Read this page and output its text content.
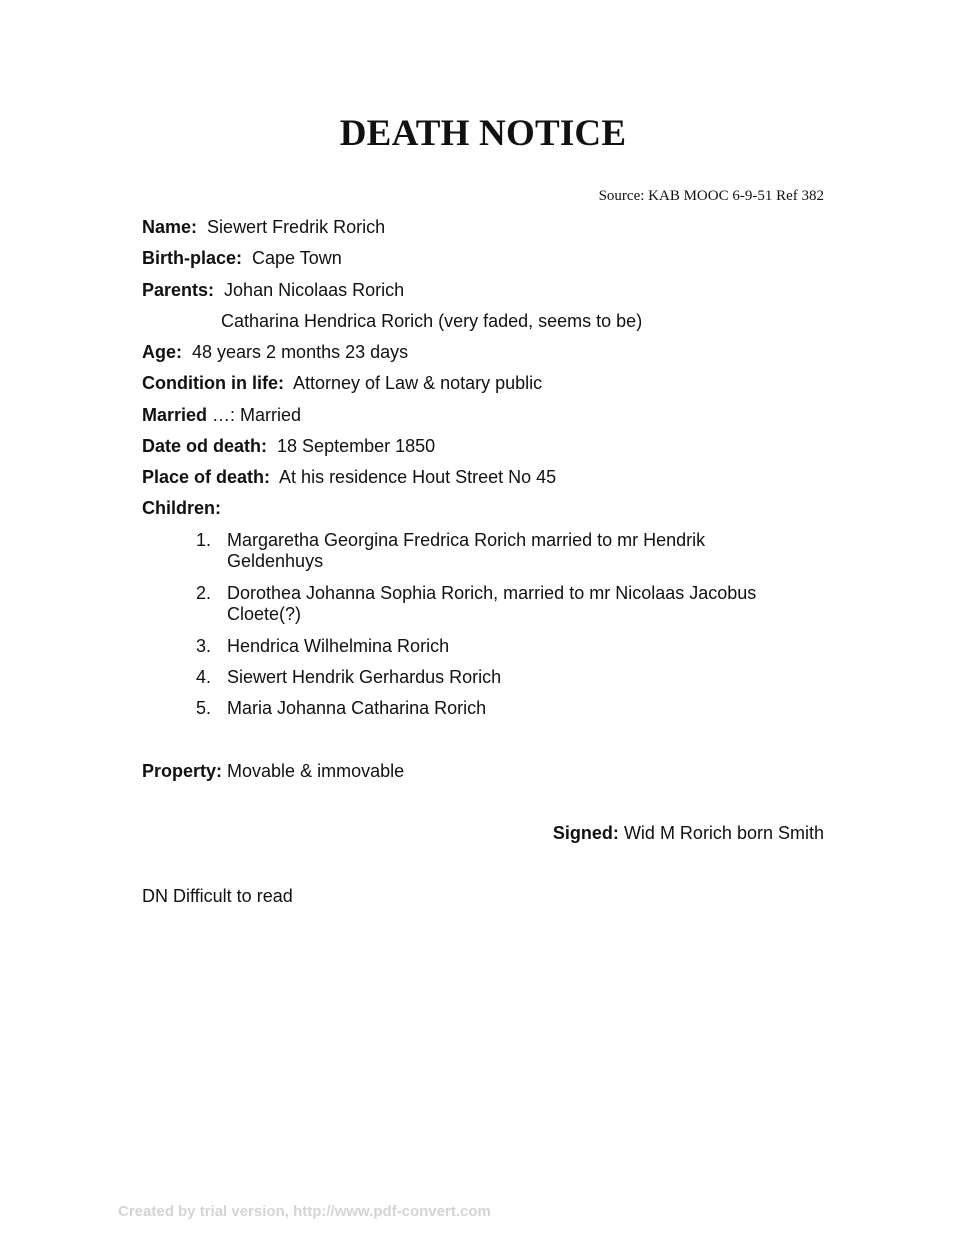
DEATH NOTICE
Source: KAB MOOC 6-9-51 Ref 382
Name: Siewert Fredrik Rorich
Birth-place: Cape Town
Parents: Johan Nicolaas Rorich
Catharina Hendrica Rorich (very faded, seems to be)
Age: 48 years 2 months 23 days
Condition in life: Attorney of Law & notary public
Married …: Married
Date od death: 18 September 1850
Place of death: At his residence Hout Street No 45
Children:
1. Margaretha Georgina Fredrica Rorich married to mr Hendrik Geldenhuys
2. Dorothea Johanna Sophia Rorich, married to mr Nicolaas Jacobus Cloete(?)
3. Hendrica Wilhelmina Rorich
4. Siewert Hendrik Gerhardus Rorich
5. Maria Johanna Catharina Rorich
Property: Movable & immovable
Signed: Wid M Rorich born Smith
DN Difficult to read
Created by trial version, http://www.pdf-convert.com
